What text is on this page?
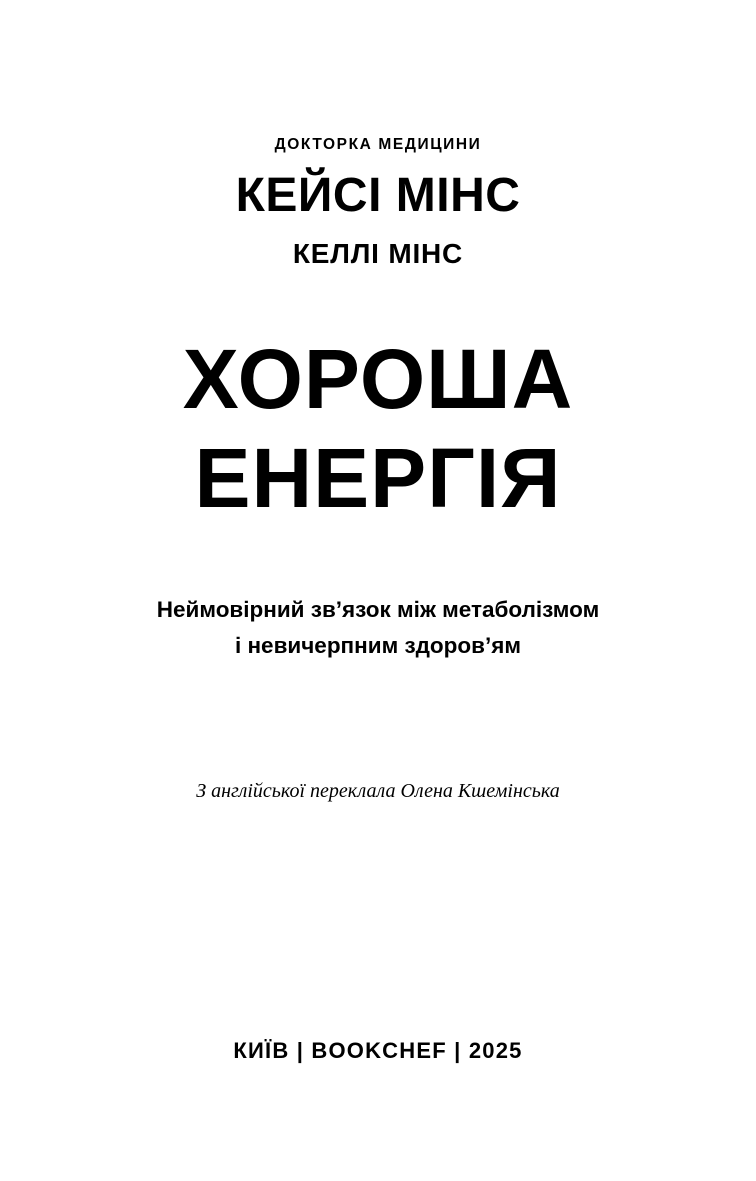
ДОКТОРКА МЕДИЦИНИ
КЕЙСІ МІНС
КЕЛЛІ МІНС
ХОРОША
ЕНЕРГІЯ
Неймовірний зв’язок між метаболізмом
і невичерпним здоров’ям
З англійської переклала Олена Кшемінська
КИЇВ | BOOKCHEF | 2025
